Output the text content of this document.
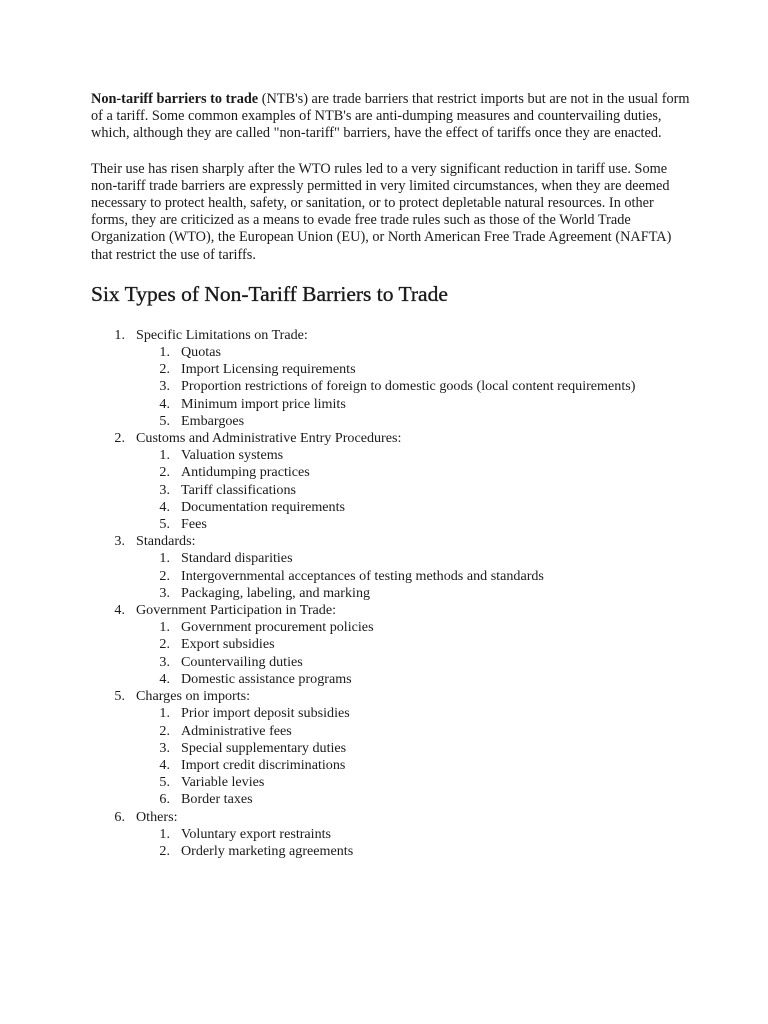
Non-tariff barriers to trade (NTB's) are trade barriers that restrict imports but are not in the usual form of a tariff. Some common examples of NTB's are anti-dumping measures and countervailing duties, which, although they are called "non-tariff" barriers, have the effect of tariffs once they are enacted.

Their use has risen sharply after the WTO rules led to a very significant reduction in tariff use. Some non-tariff trade barriers are expressly permitted in very limited circumstances, when they are deemed necessary to protect health, safety, or sanitation, or to protect depletable natural resources. In other forms, they are criticized as a means to evade free trade rules such as those of the World Trade Organization (WTO), the European Union (EU), or North American Free Trade Agreement (NAFTA) that restrict the use of tariffs.

Six Types of Non-Tariff Barriers to Trade
1. Specific Limitations on Trade:
1. Quotas
2. Import Licensing requirements
3. Proportion restrictions of foreign to domestic goods (local content requirements)
4. Minimum import price limits
5. Embargoes
2. Customs and Administrative Entry Procedures:
1. Valuation systems
2. Antidumping practices
3. Tariff classifications
4. Documentation requirements
5. Fees
3. Standards:
1. Standard disparities
2. Intergovernmental acceptances of testing methods and standards
3. Packaging, labeling, and marking
4. Government Participation in Trade:
1. Government procurement policies
2. Export subsidies
3. Countervailing duties
4. Domestic assistance programs
5. Charges on imports:
1. Prior import deposit subsidies
2. Administrative fees
3. Special supplementary duties
4. Import credit discriminations
5. Variable levies
6. Border taxes
6. Others:
1. Voluntary export restraints
2. Orderly marketing agreements
